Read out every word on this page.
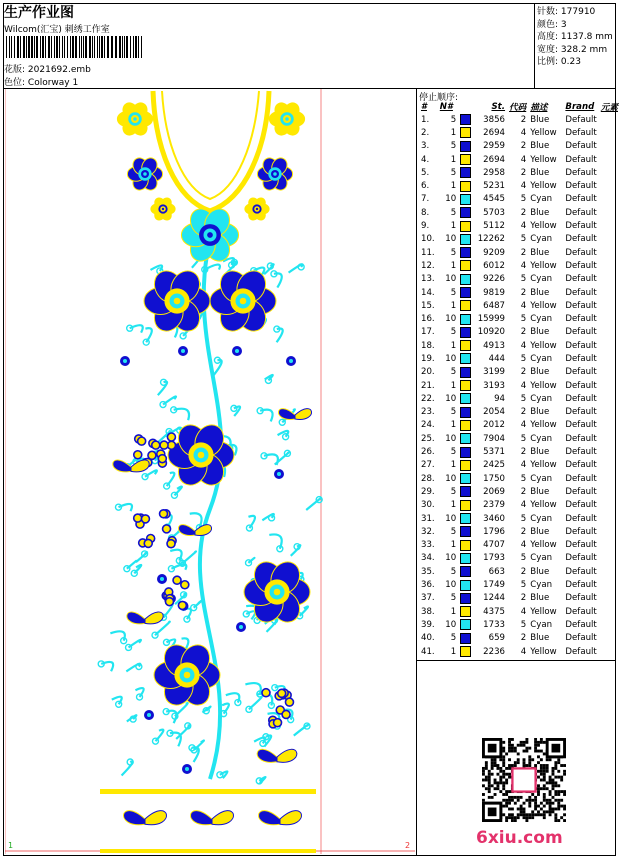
生产作业图
Wilcom(汇宝) 刺绣工作室
花版: 2021692.emb
色位: Colorway 1
针数: 177910
颜色: 3
高度: 1137.8 mm
宽度: 328.2 mm
比例: 0.23
停止顺序:
#	N#		St.	代码	描述	Brand	元素
1.	5		3856	2	Blue	Default	
2.	1		2694	4	Yellow	Default	
3.	5		2959	2	Blue	Default	
4.	1		2694	4	Yellow	Default	
5.	5		2958	2	Blue	Default	
6.	1		5231	4	Yellow	Default	
7.	10		4545	5	Cyan	Default	
8.	5		5703	2	Blue	Default	
9.	1		5112	4	Yellow	Default	
10.	10		12262	5	Cyan	Default	
11.	5		9209	2	Blue	Default	
12.	1		6012	4	Yellow	Default	
13.	10		9226	5	Cyan	Default	
14.	5		9819	2	Blue	Default	
15.	1		6487	4	Yellow	Default	
16.	10		15999	5	Cyan	Default	
17.	5		10920	2	Blue	Default	
18.	1		4913	4	Yellow	Default	
19.	10		444	5	Cyan	Default	
20.	5		3199	2	Blue	Default	
21.	1		3193	4	Yellow	Default	
22.	10		94	5	Cyan	Default	
23.	5		2054	2	Blue	Default	
24.	1		2012	4	Yellow	Default	
25.	10		7904	5	Cyan	Default	
26.	5		5371	2	Blue	Default	
27.	1		2425	4	Yellow	Default	
28.	10		1750	5	Cyan	Default	
29.	5		2069	2	Blue	Default	
30.	1		2379	4	Yellow	Default	
31.	10		3460	5	Cyan	Default	
32.	5		1796	2	Blue	Default	
33.	1		4707	4	Yellow	Default	
34.	10		1793	5	Cyan	Default	
35.	5		663	2	Blue	Default	
36.	10		1749	5	Cyan	Default	
37.	5		1244	2	Blue	Default	
38.	1		4375	4	Yellow	Default	
39.	10		1733	5	Cyan	Default	
40.	5		659	2	Blue	Default	
41.	1		2236	4	Yellow	Default	
6xiu.com
1	2
